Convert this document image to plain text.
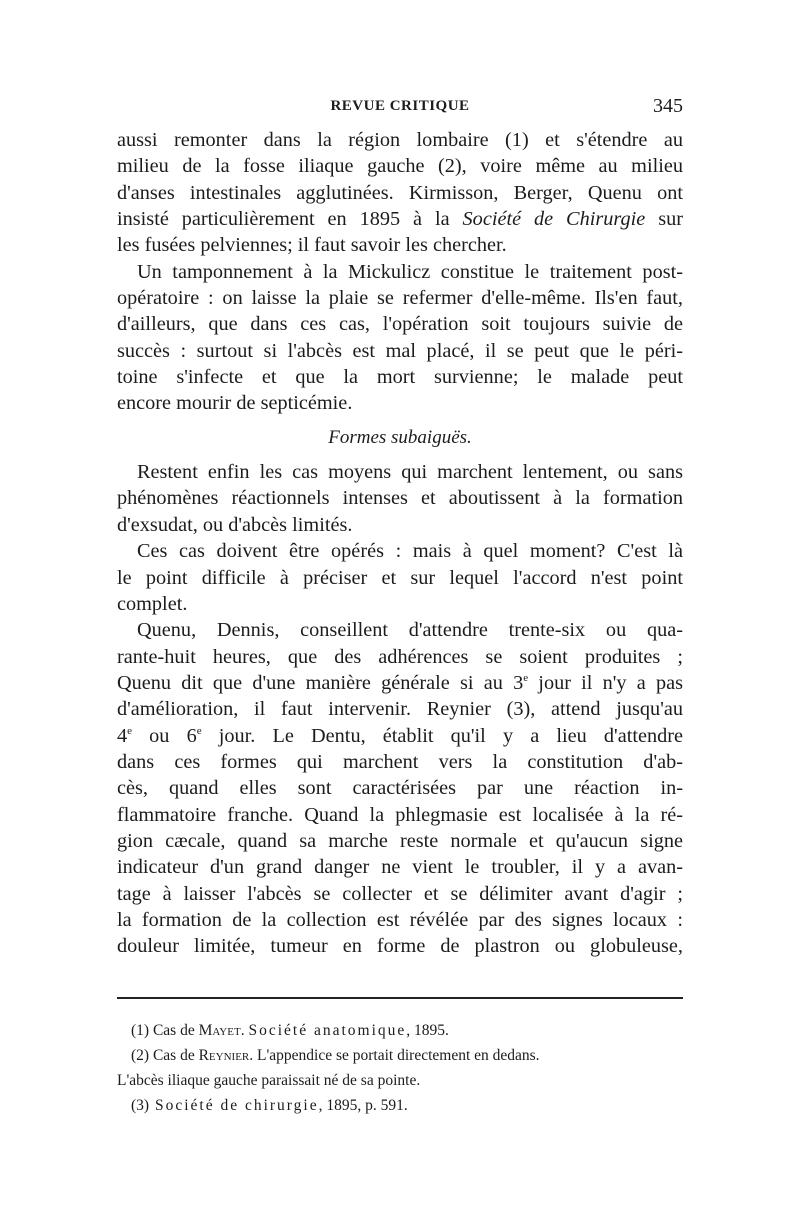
REVUE CRITIQUE	345

aussi remonter dans la région lombaire (1) et s'étendre au
milieu de la fosse iliaque gauche (2), voire même au milieu
d'anses intestinales agglutinées. Kirmisson, Berger, Quenu ont
insisté particulièrement en 1895 à la Société de Chirurgie sur
les fusées pelviennes; il faut savoir les chercher.

Un tamponnement à la Mickulicz constitue le traitement post-
opératoire : on laisse la plaie se refermer d'elle-même. Ils'en faut,
d'ailleurs, que dans ces cas, l'opération soit toujours suivie de
succès : surtout si l'abcès est mal placé, il se peut que le péri-
toine s'infecte et que la mort survienne; le malade peut
encore mourir de septicémie.

Formes subaiguës.

Restent enfin les cas moyens qui marchent lentement, ou sans
phénomènes réactionnels intenses et aboutissent à la formation
d'exsudat, ou d'abcès limités.

Ces cas doivent être opérés : mais à quel moment? C'est là
le point difficile à préciser et sur lequel l'accord n'est point
complet.

Quenu, Dennis, conseillent d'attendre trente-six ou qua-
rante-huit heures, que des adhérences se soient produites ;
Quenu dit que d'une manière générale si au 3e jour il n'y a pas
d'amélioration, il faut intervenir. Reynier (3), attend jusqu'au
4e ou 6e jour. Le Dentu, établit qu'il y a lieu d'attendre
dans ces formes qui marchent vers la constitution d'ab-
cès, quand elles sont caractérisées par une réaction in-
flammatoire franche. Quand la phlegmasie est localisée à la ré-
gion cæcale, quand sa marche reste normale et qu'aucun signe
indicateur d'un grand danger ne vient le troubler, il y a avan-
tage à laisser l'abcès se collecter et se délimiter avant d'agir ;
la formation de la collection est révélée par des signes locaux :
douleur limitée, tumeur en forme de plastron ou globuleuse,

(1) Cas de Mayet. Société anatomique, 1895.
(2) Cas de Reynier. L'appendice se portait directement en dedans.
L'abcès iliaque gauche paraissait né de sa pointe.
(3) Société de chirurgie, 1895, p. 591.
